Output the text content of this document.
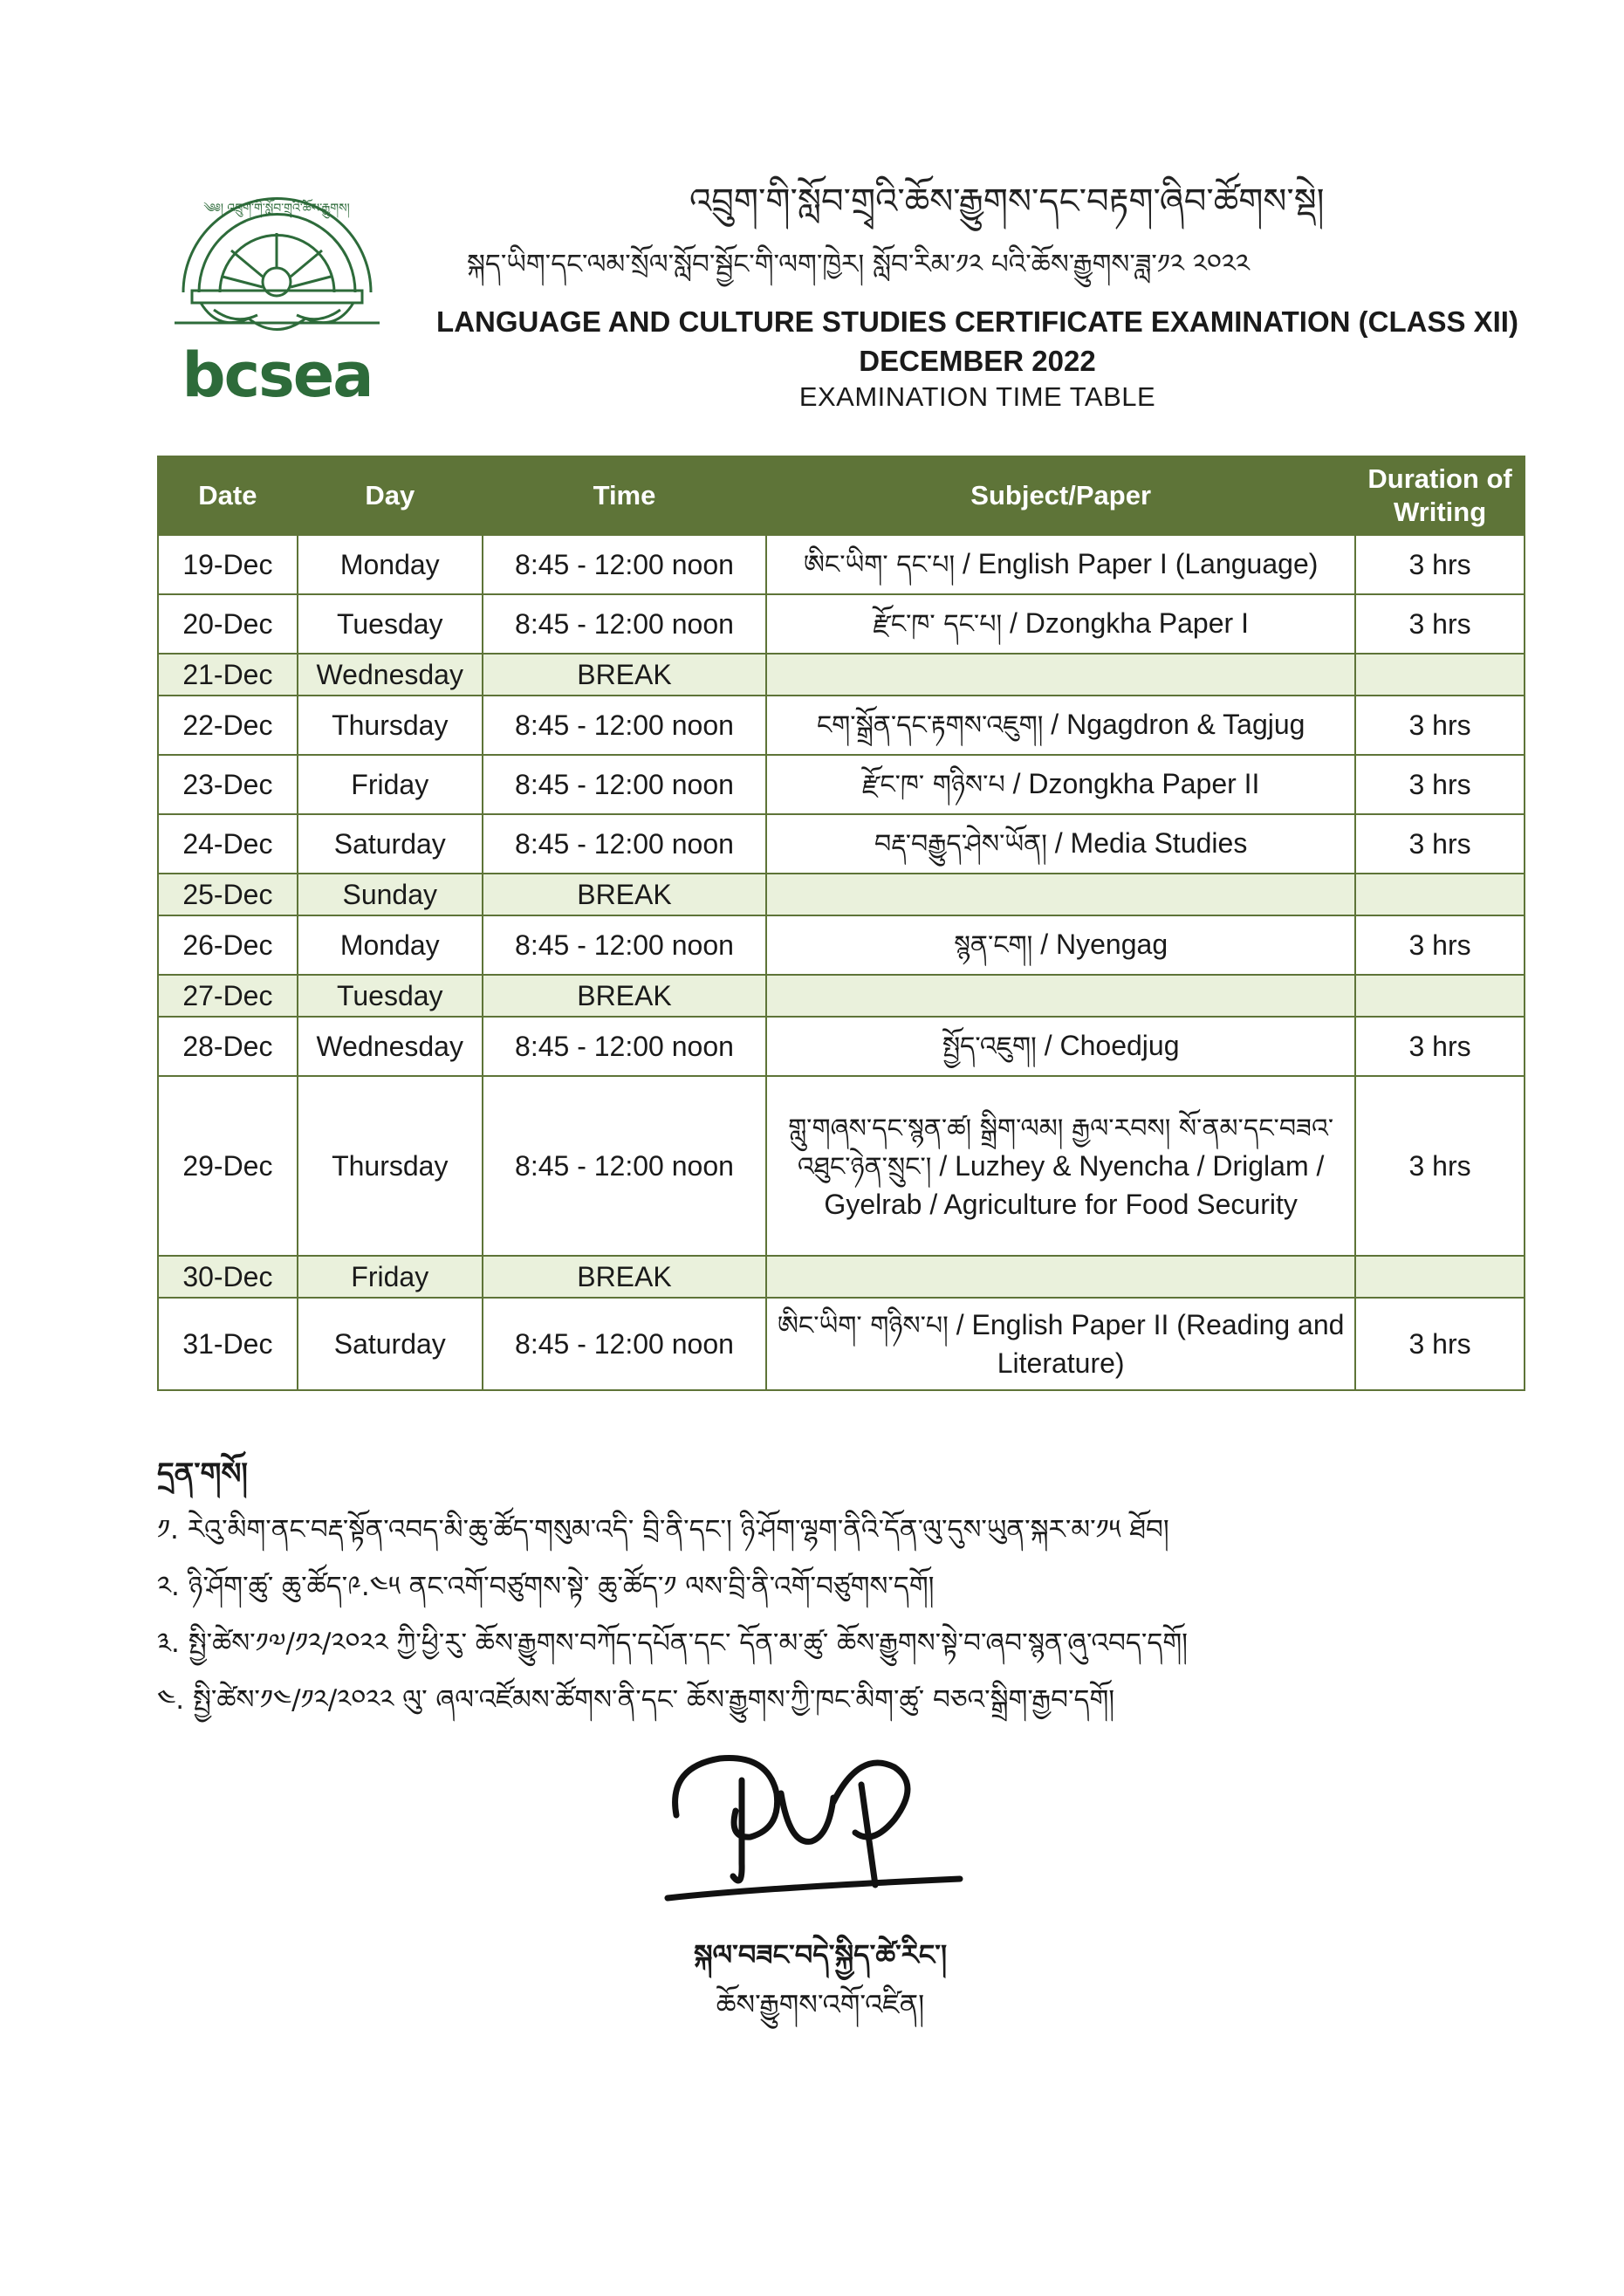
༄༅། འབྲུག་གི་སློབ་གྲྭའི་ཆོས་རྒྱུགས།
bcsea
འབྲུག་གི་སློབ་གྲྭའི་ཆོས་རྒྱུགས་དང་བརྟག་ཞིབ་ཚོགས་སྡེ།
སྐད་ཡིག་དང་ལམ་སྲོལ་སློབ་སྦྱོང་གི་ལག་ཁྱེར། སློབ་རིམ་༡༢ པའི་ཆོས་རྒྱུགས་ཟླ་༡༢ ༢༠༢༢
LANGUAGE AND CULTURE STUDIES CERTIFICATE EXAMINATION (CLASS XII)
DECEMBER 2022
EXAMINATION TIME TABLE
Date	Day	Time	Subject/Paper	Duration of Writing
19-Dec	Monday	8:45 - 12:00 noon	ཨིང་ཡིག་ དང་པ། / English Paper I (Language)	3 hrs
20-Dec	Tuesday	8:45 - 12:00 noon	རྫོང་ཁ་ དང་པ། / Dzongkha Paper I	3 hrs
21-Dec	Wednesday	BREAK		
22-Dec	Thursday	8:45 - 12:00 noon	ངག་སྒྲོན་དང་རྟགས་འཇུག། / Ngagdron & Tagjug	3 hrs
23-Dec	Friday	8:45 - 12:00 noon	རྫོང་ཁ་ གཉིས་པ / Dzongkha Paper II	3 hrs
24-Dec	Saturday	8:45 - 12:00 noon	བརྡ་བརྒྱུད་ཤེས་ཡོན། / Media Studies	3 hrs
25-Dec	Sunday	BREAK		
26-Dec	Monday	8:45 - 12:00 noon	སྙན་ངག། / Nyengag	3 hrs
27-Dec	Tuesday	BREAK		
28-Dec	Wednesday	8:45 - 12:00 noon	སྤྱོད་འཇུག། / Choedjug	3 hrs
29-Dec	Thursday	8:45 - 12:00 noon	གླུ་གཞས་དང་སྙན་ཚ། སྒྲིག་ལམ། རྒྱལ་རབས། སོ་ནམ་དང་བཟའ་འཐུང་ཉེན་སྲུང་། / Luzhey & Nyencha / Driglam / Gyelrab / Agriculture for Food Security	3 hrs
30-Dec	Friday	BREAK		
31-Dec	Saturday	8:45 - 12:00 noon	ཨིང་ཡིག་ གཉིས་པ། / English Paper II (Reading and Literature)	3 hrs
དྲན་གསོ།
༡. རེའུ་མིག་ནང་བརྡ་སྟོན་འབད་མི་ཆུ་ཚོད་གསུམ་འདི་ བྲི་ནི་དང་། ཉི་ཤོག་ལྷག་ནིའི་དོན་ལུ་དུས་ཡུན་སྐར་མ་༡༥ ཐོབ།
༢. ཉི་ཤོག་ཚུ་ ཆུ་ཚོད་༩.༤༥ ནང་འགོ་བཙུགས་སྟེ་ ཆུ་ཚོད་༡ ལས་བྲི་ནི་འགོ་བཙུགས་དགོ།
༣. སྤྱི་ཚེས་༡༧/༡༢/༢༠༢༢ ཀྱི་ཕྱི་རུ་ ཆོས་རྒྱུགས་བཀོད་དཔོན་དང་ དོན་མ་ཚུ་ ཆོས་རྒྱུགས་སྟེ་བ་ཞབ་སྙན་ཞུ་འབད་དགོ།
༤. སྤྱི་ཚེས་༡༤/༡༢/༢༠༢༢ ལུ་ ཞལ་འཛོམས་ཚོགས་ནི་དང་ ཆོས་རྒྱུགས་ཀྱི་ཁང་མིག་ཚུ་ བཅའ་སྒྲིག་རྒྱབ་དགོ།
སྐལ་བཟང་བདེ་སྐྱིད་ཚེ་རིང་།
ཆོས་རྒྱུགས་འགོ་འཛིན།
